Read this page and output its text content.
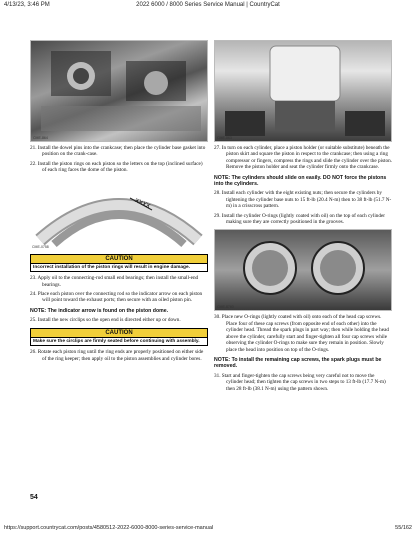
4/13/23, 3:46 PM	2022 6000 / 8000 Series Service Manual | CountryCat
CME-864

21. Install the dowel pins into the crankcase; then place the cylinder base gasket into position on the crank-case.

22. Install the piston rings on each piston so the letters on the top (inclined surface) of each ring faces the dome of the piston.

XXXX
CME-0758
CAUTION
Incorrect installation of the piston rings will result in engine damage.

23. Apply oil to the connecting-rod small end bearings; then install the small-end bearings.

24. Place each piston over the connecting rod so the indicator arrow on each piston will point toward the exhaust ports; then secure with an oiled piston pin.

NOTE: The indicator arrow is found on the piston dome.

25. Install the new circlips so the open end is directed either up or down.

CAUTION
Make sure the circlips are firmly seated before continuing with assembly.

26. Rotate each piston ring until the ring ends are properly positioned on either side of the ring keeper; then apply oil to the piston assemblies and cylinder bores.

CME-863

27. In turn on each cylinder, place a piston holder (or suitable substitute) beneath the piston skirt and square the piston in respect to the crankcase; then using a ring compressor or fingers, compress the rings and slide the cylinder over the piston. Remove the piston holder and seat the cylinder firmly onto the crankcase.

NOTE: The cylinders should slide on easily. DO NOT force the pistons into the cylinders.

28. Install each cylinder with the eight existing nuts; then secure the cylinders by tightening the cylinder base nuts to 15 ft-lb (20.4 N-m) then to 38 ft-lb (51.7 N-m) in a crisscross pattern.

29. Install the cylinder O-rings (lightly coated with oil) on the top of each cylinder making sure they are correctly positioned in the grooves.

CME-8760

30. Place new O-rings (lightly coated with oil) onto each of the head cap screws. Place four of these cap screws (from opposite end of each other) into the cylinder head. Thread the spark plugs in part way; then while holding the head above the cylinder, carefully start and finger-tighten all four cap screws while observing the cylinder O-rings to make sure they remain in position. Slowly place the head into position on top of the O-rings.

NOTE: To install the remaining cap screws, the spark plugs must be removed.

31. Start and finger-tighten the cap screws being very careful not to move the cylinder head; then tighten the cap screws in two steps to 13 ft-lb (17.7 N-m) then 28 ft-lb (38.1 N-m) using the pattern shown.

54
https://support.countrycat.com/posts/4580512-2022-6000-8000-series-service-manual	55/162
